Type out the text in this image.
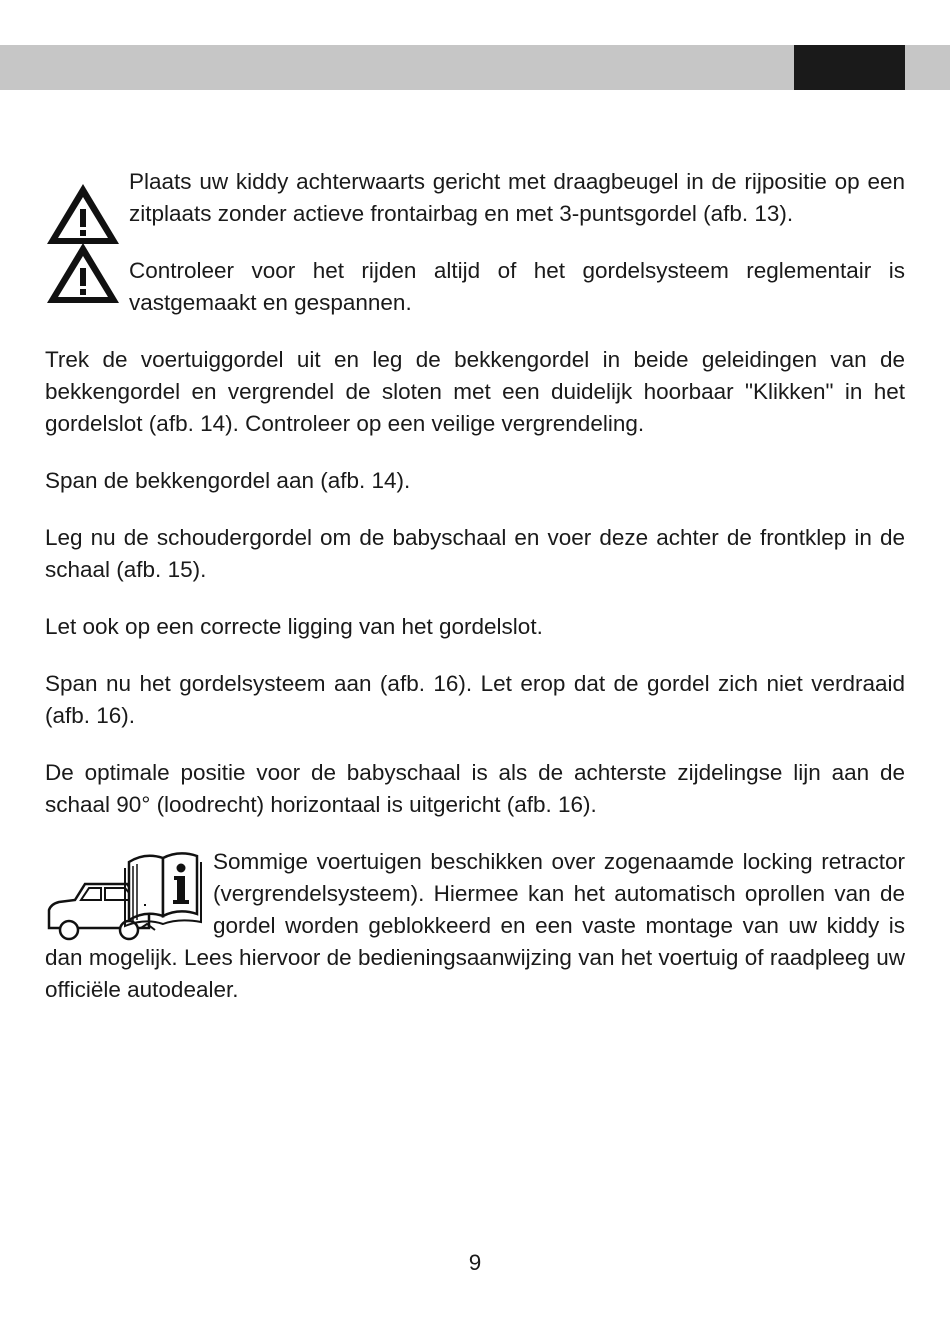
Plaats uw kiddy achterwaarts gericht met draagbeugel in de rijpositie op een zitplaats zonder actieve frontairbag en met 3-puntsgordel (afb. 13).

Controleer voor het rijden altijd of het gordelsysteem reglementair is vastgemaakt en gespannen.

Trek de voertuiggordel uit en leg de bekkengordel in beide geleidingen van de bekkengordel en vergrendel de sloten met een duidelijk hoorbaar "Klikken" in het gordelslot (afb. 14). Controleer op een veilige vergrendeling.

Span de bekkengordel aan (afb. 14).

Leg nu de schoudergordel om de babyschaal en voer deze achter de frontklep in de schaal (afb. 15).

Let ook op een correcte ligging van het gordelslot.

Span nu het gordelsysteem aan (afb. 16). Let erop dat de gordel zich niet verdraaid (afb. 16).

De optimale positie voor de babyschaal is als de achterste zijdelingse lijn aan de schaal 90° (loodrecht) horizontaal is uitgericht (afb. 16).

Sommige voertuigen beschikken over zogenaamde locking retractor (vergrendelsysteem). Hiermee kan het automatisch oprollen van de gordel worden geblokkeerd en een vaste montage van uw kiddy is dan mogelijk. Lees hiervoor de bedieningsaanwijzing van het voertuig of raadpleeg uw officiële autodealer.

9
